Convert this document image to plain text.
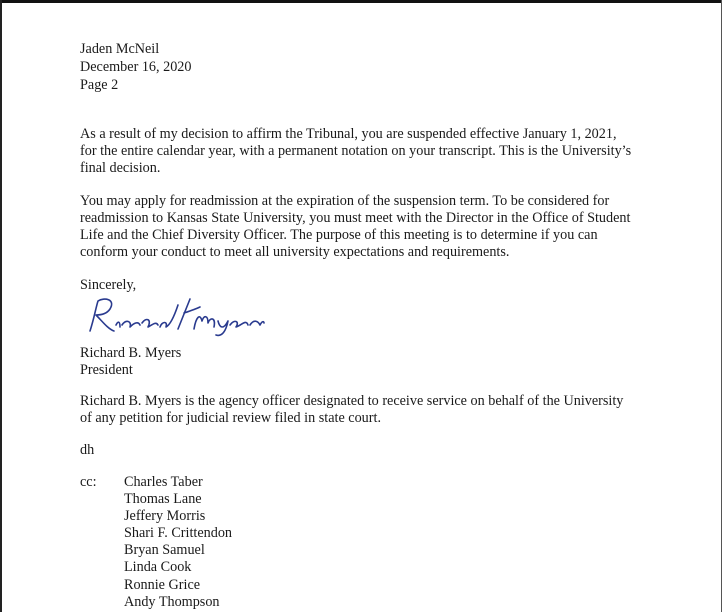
Jaden McNeil
December 16, 2020
Page 2
As a result of my decision to affirm the Tribunal, you are suspended effective January 1, 2021,
for the entire calendar year, with a permanent notation on your transcript. This is the University’s
final decision.
You may apply for readmission at the expiration of the suspension term. To be considered for
readmission to Kansas State University, you must meet with the Director in the Office of Student
Life and the Chief Diversity Officer. The purpose of this meeting is to determine if you can
conform your conduct to meet all university expectations and requirements.
Sincerely,
Richard B. Myers
President
Richard B. Myers is the agency officer designated to receive service on behalf of the University
of any petition for judicial review filed in state court.
dh
cc: Charles Taber
Thomas Lane
Jeffery Morris
Shari F. Crittendon
Bryan Samuel
Linda Cook
Ronnie Grice
Andy Thompson
